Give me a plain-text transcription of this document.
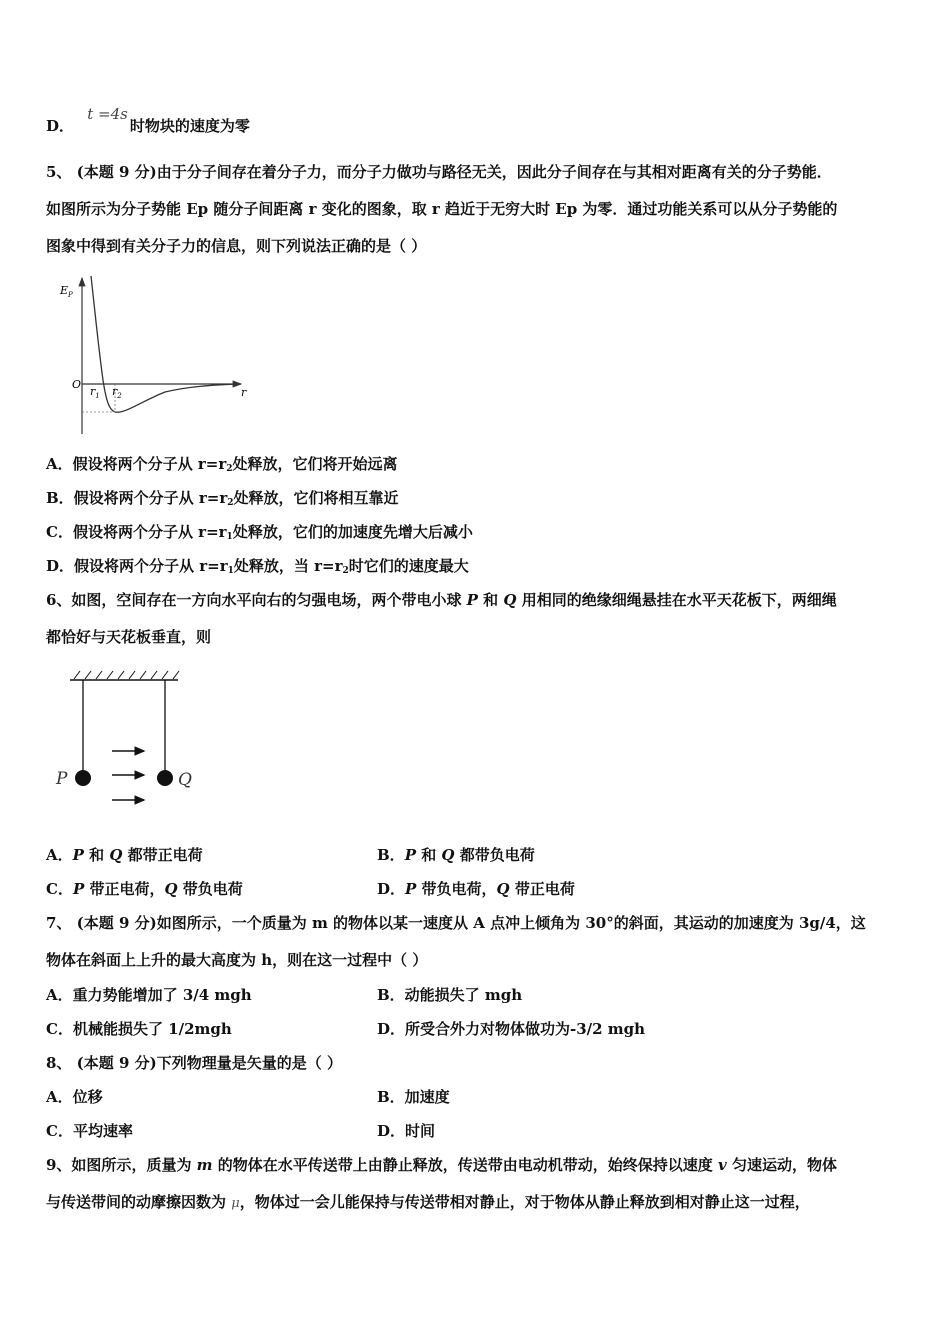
D． t =4s时物块的速度为零
5、 (本题 9 分)由于分子间存在着分子力，而分子力做功与路径无关，因此分子间存在与其相对距离有关的分子势能．
如图所示为分子势能 Ep 随分子间距离 r 变化的图象，取 r 趋近于无穷大时 Ep 为零．通过功能关系可以从分子势能的
图象中得到有关分子力的信息，则下列说法正确的是（ ）
$E_P$
O
$r_1$ $r_2$	r
A．假设将两个分子从 $r=r_2$处释放，它们将开始远离
B．假设将两个分子从 $r=r_2$处释放，它们将相互靠近
C．假设将两个分子从 $r=r_1$处释放，它们的加速度先增大后减小
D．假设将两个分子从 $r=r_1$处释放，当 $r=r_2$时它们的速度最大
6、如图，空间存在一方向水平向右的匀强电场，两个带电小球 P 和 Q 用相同的绝缘细绳悬挂在水平天花板下，两细绳
都恰好与天花板垂直，则
P	Q
A．P 和 Q 都带正电荷	B．P 和 Q 都带负电荷
C．P 带正电荷，Q 带负电荷	D．P 带负电荷，Q 带正电荷
7、 (本题 9 分)如图所示，一个质量为 m 的物体以某一速度从 A 点冲上倾角为 30°的斜面，其运动的加速度为 3g/4，这
物体在斜面上上升的最大高度为 h，则在这一过程中（ ）
A．重力势能增加了 3/4 mgh	B．动能损失了 mgh
C．机械能损失了 1/2mgh	D．所受合外力对物体做功为-3/2 mgh
8、 (本题 9 分)下列物理量是矢量的是（ ）
A．位移	B．加速度
C．平均速率	D．时间
9、如图所示，质量为 m 的物体在水平传送带上由静止释放，传送带由电动机带动，始终保持以速度 v 匀速运动，物体
与传送带间的动摩擦因数为 μ，物体过一会儿能保持与传送带相对静止，对于物体从静止释放到相对静止这一过程，
